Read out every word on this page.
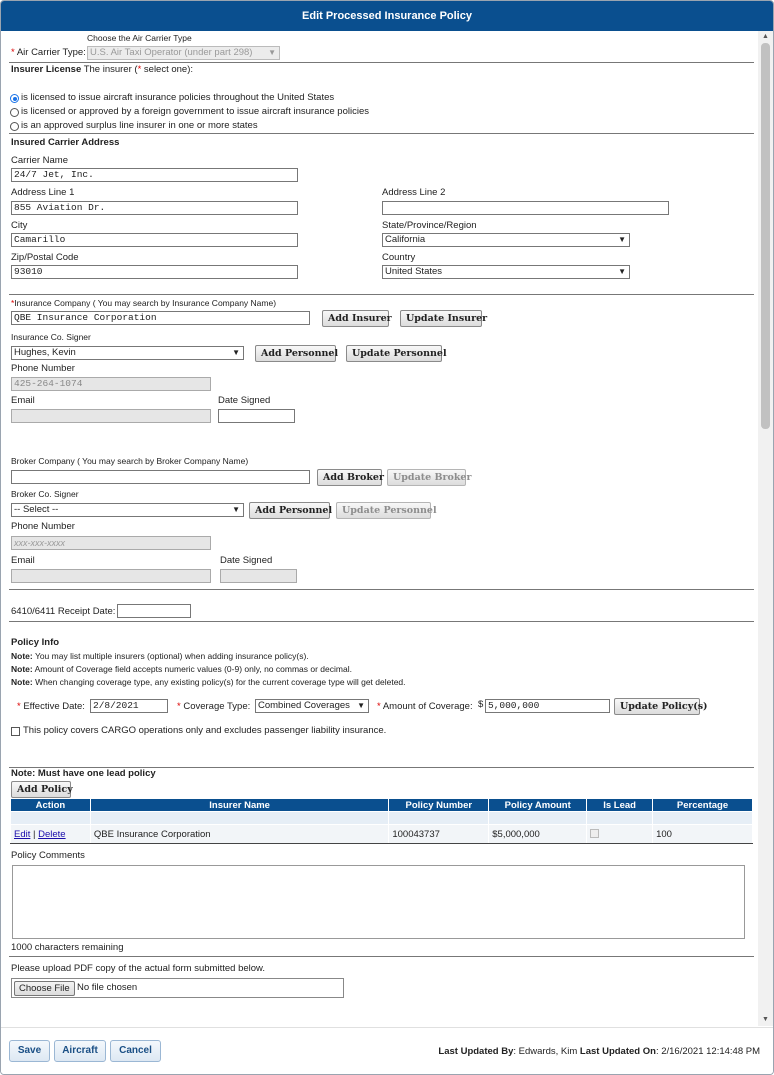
Edit Processed Insurance Policy
Choose the Air Carrier Type
* Air Carrier Type: U.S. Air Taxi Operator (under part 298) ▼
Insurer License The insurer (* select one):
is licensed to issue aircraft insurance policies throughout the United States
is licensed or approved by a foreign government to issue aircraft insurance policies
is an approved surplus line insurer in one or more states
Insured Carrier Address
Carrier Name
24/7 Jet, Inc.
Address Line 1
855 Aviation Dr.
Address Line 2
City
Camarillo
State/Province/Region
California	▼
Zip/Postal Code
93010
Country
United States	▼
*Insurance Company ( You may search by Insurance Company Name)
QBE Insurance Corporation	Add Insurer	Update Insurer
Insurance Co. Signer
Hughes, Kevin	▼	Add Personnel	Update Personnel
Phone Number
425-264-1074
Email	Date Signed
Broker Company ( You may search by Broker Company Name)
Add Broker Update Broker
Broker Co. Signer
-- Select --	▼	Add Personnel	Update Personnel
Phone Number
xxx-xxx-xxxx
Email	Date Signed
6410/6411 Receipt Date:
Policy Info
Note: You may list multiple insurers (optional) when adding insurance policy(s).
Note: Amount of Coverage field accepts numeric values (0-9) only, no commas or decimal.
Note: When changing coverage type, any existing policy(s) for the current coverage type will get deleted.
* Effective Date: 2/8/2021	* Coverage Type: Combined Coverages ▼ * Amount of Coverage: $ 5,000,000	Update Policy(s)
This policy covers CARGO operations only and excludes passenger liability insurance.
Note: Must have one lead policy
Add Policy
Action	Insurer Name	Policy Number	Policy Amount	Is Lead	Percentage

Edit | Delete	QBE Insurance Corporation	100043737	$5,000,000		100
Policy Comments
1000 characters remaining
Please upload PDF copy of the actual form submitted below.
Choose File No file chosen
▲
▼
Save	Aircraft	Cancel	Last Updated By: Edwards, Kim Last Updated On: 2/16/2021 12:14:48 PM
